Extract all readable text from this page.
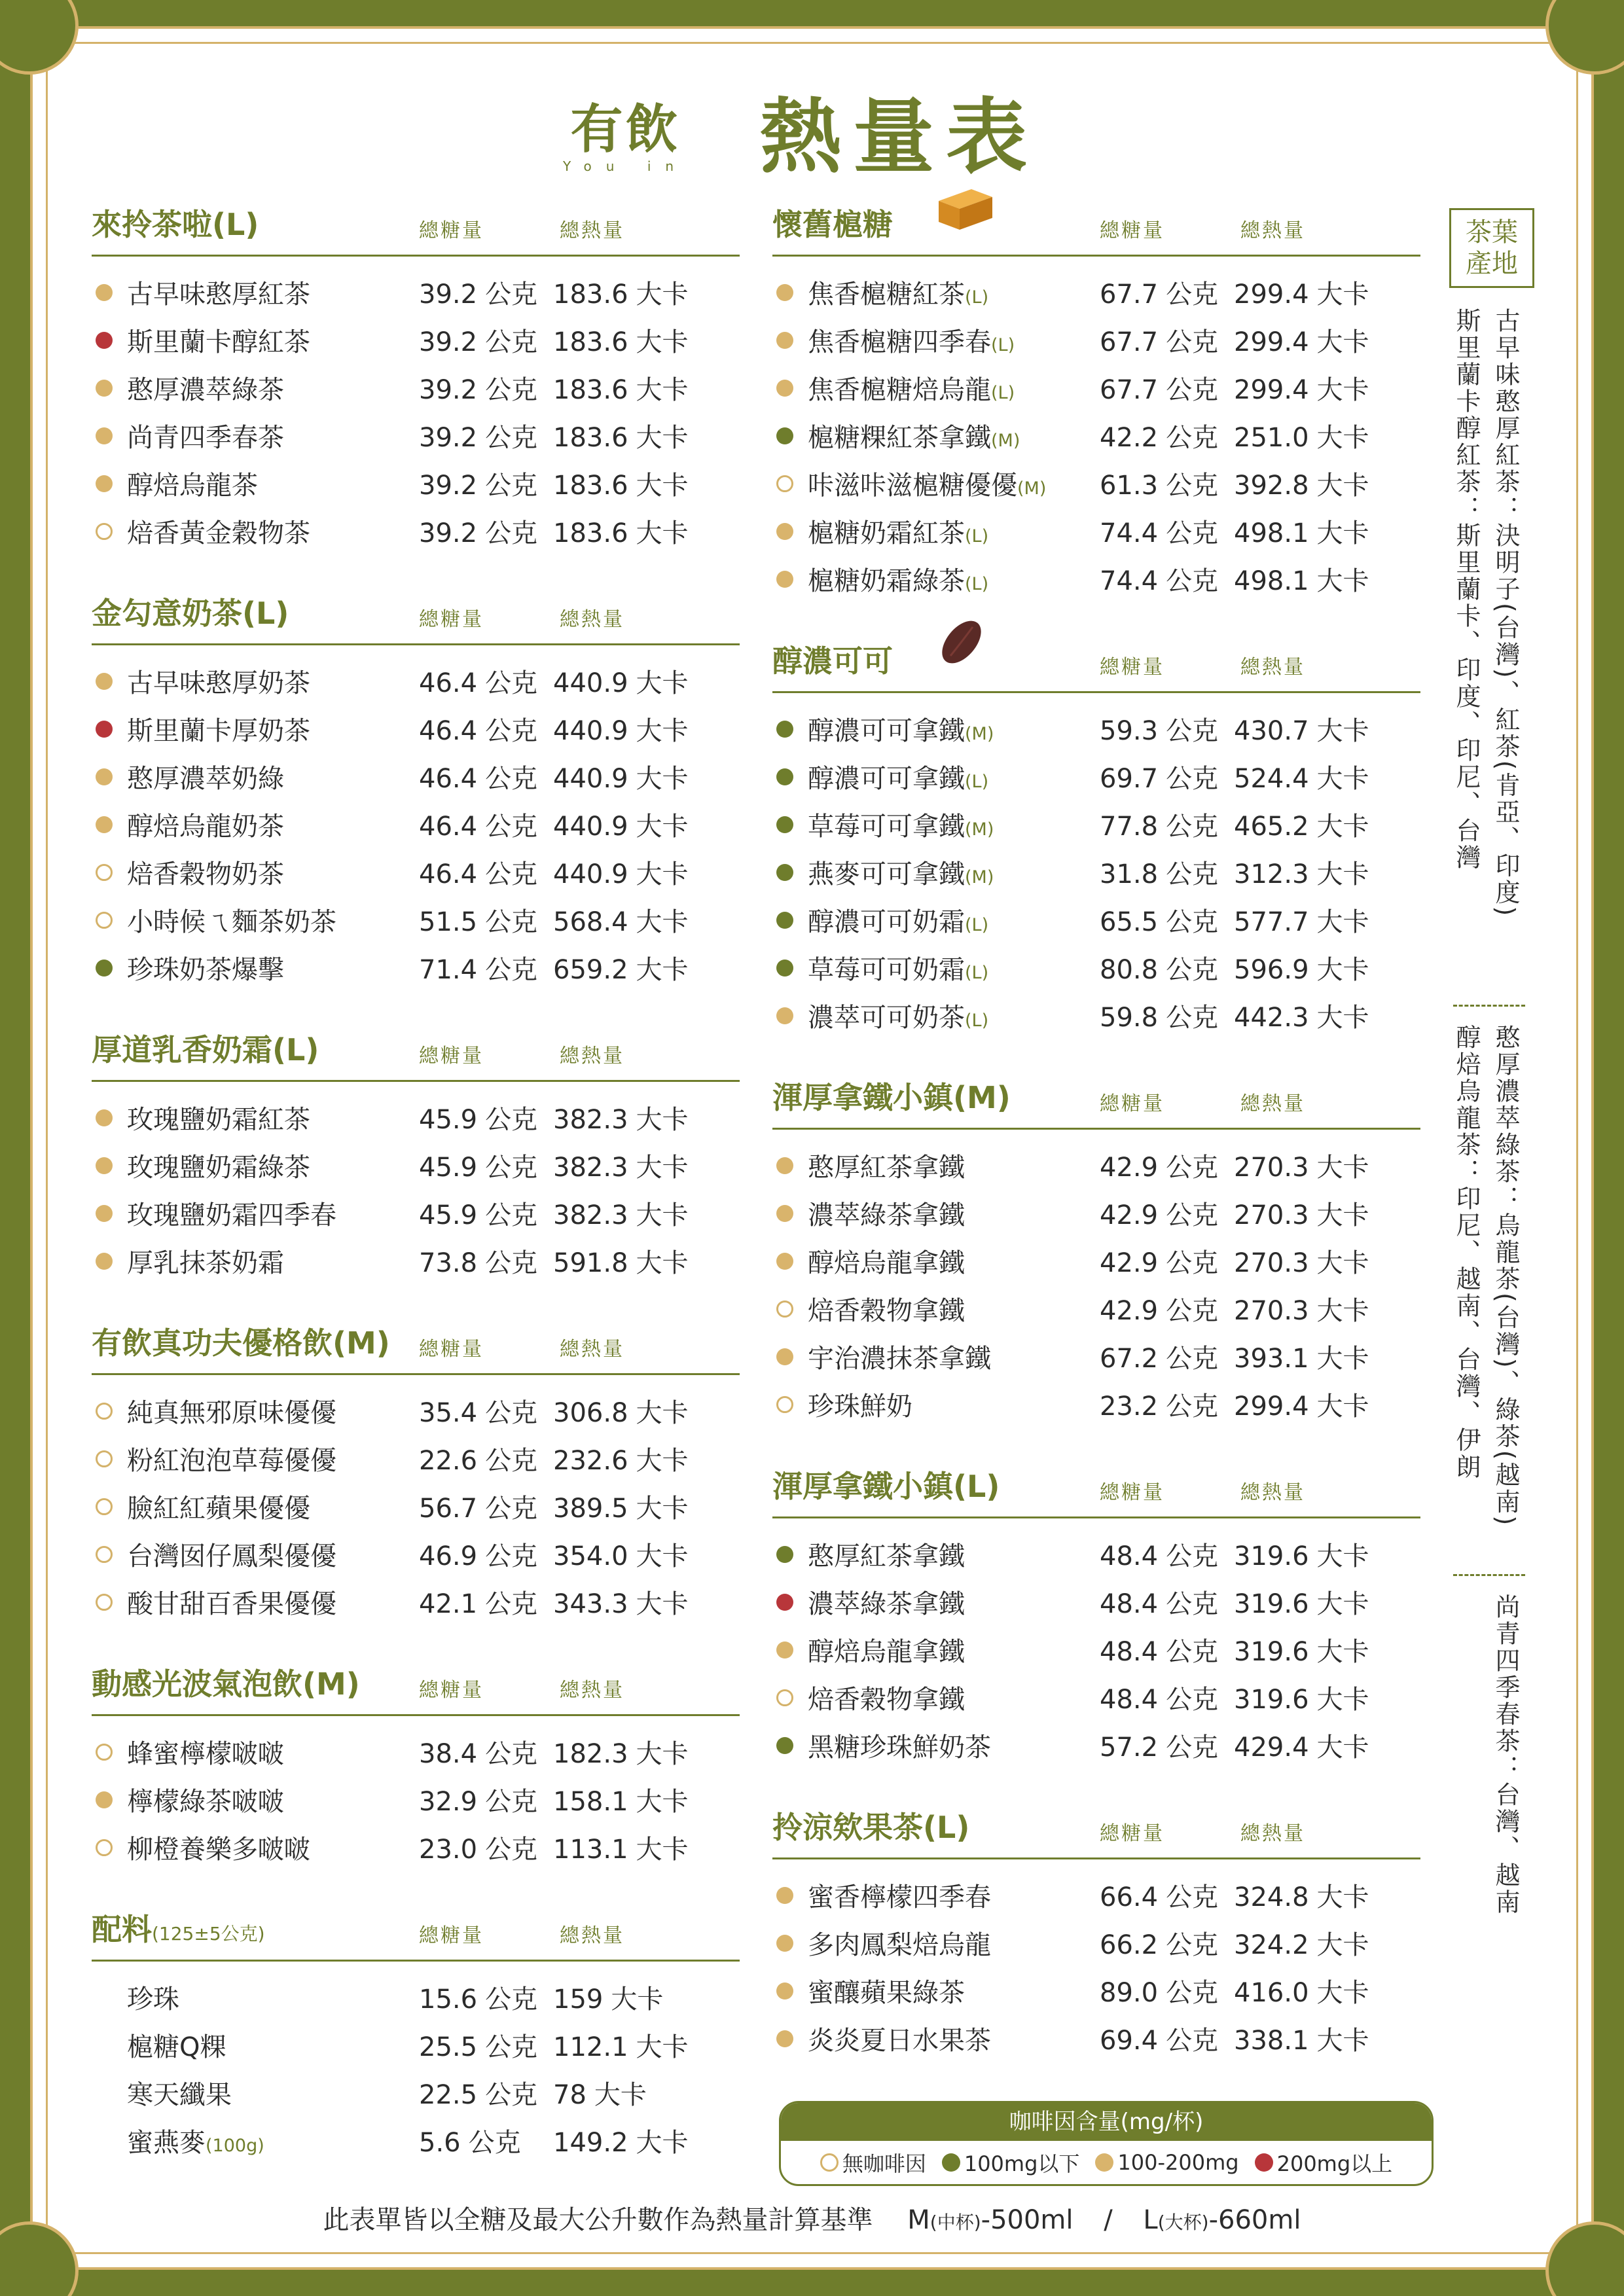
有飲
You in 熱量表
來拎茶啦(L)	總糖量	總熱量
古早味憨厚紅茶	39.2 公克 183.6 大卡
斯里蘭卡醇紅茶	39.2 公克 183.6 大卡
憨厚濃萃綠茶	39.2 公克 183.6 大卡
尚青四季春茶	39.2 公克 183.6 大卡
醇焙烏龍茶	39.2 公克 183.6 大卡
焙香黃金穀物茶	39.2 公克 183.6 大卡
金勾意奶茶(L)	總糖量	總熱量
古早味憨厚奶茶	46.4 公克 440.9 大卡
斯里蘭卡厚奶茶	46.4 公克 440.9 大卡
憨厚濃萃奶綠	46.4 公克 440.9 大卡
醇焙烏龍奶茶	46.4 公克 440.9 大卡
焙香穀物奶茶	46.4 公克 440.9 大卡
小時候ㄟ麵茶奶茶	51.5 公克 568.4 大卡
珍珠奶茶爆擊	71.4 公克 659.2 大卡
厚道乳香奶霜(L)	總糖量	總熱量
玫瑰鹽奶霜紅茶	45.9 公克 382.3 大卡
玫瑰鹽奶霜綠茶	45.9 公克 382.3 大卡
玫瑰鹽奶霜四季春	45.9 公克 382.3 大卡
厚乳抹茶奶霜	73.8 公克 591.8 大卡
有飲真功夫優格飲(M)	總糖量	總熱量
純真無邪原味優優	35.4 公克 306.8 大卡
粉紅泡泡草莓優優	22.6 公克 232.6 大卡
臉紅紅蘋果優優	56.7 公克 389.5 大卡
台灣囡仔鳳梨優優	46.9 公克 354.0 大卡
酸甘甜百香果優優	42.1 公克 343.3 大卡
動感光波氣泡飲(M)	總糖量	總熱量
蜂蜜檸檬啵啵	38.4 公克 182.3 大卡
檸檬綠茶啵啵	32.9 公克 158.1 大卡
柳橙養樂多啵啵	23.0 公克 113.1 大卡
配料(125±5公克)	總糖量	總熱量
珍珠	15.6 公克 159 大卡
槴糖Q粿	25.5 公克 112.1 大卡
寒天纖果	22.5 公克 78 大卡
蜜燕麥(100g)	5.6 公克 149.2 大卡
懷舊槴糖	總糖量	總熱量
焦香槴糖紅茶(L)	67.7 公克 299.4 大卡
焦香槴糖四季春(L)	67.7 公克 299.4 大卡
焦香槴糖焙烏龍(L)	67.7 公克 299.4 大卡
槴糖粿紅茶拿鐵(M)	42.2 公克 251.0 大卡
咔滋咔滋槴糖優優(M) 61.3 公克 392.8 大卡
槴糖奶霜紅茶(L)	74.4 公克 498.1 大卡
槴糖奶霜綠茶(L)	74.4 公克 498.1 大卡
醇濃可可	總糖量	總熱量
醇濃可可拿鐵(M)	59.3 公克 430.7 大卡
醇濃可可拿鐵(L)	69.7 公克 524.4 大卡
草莓可可拿鐵(M)	77.8 公克 465.2 大卡
燕麥可可拿鐵(M)	31.8 公克 312.3 大卡
醇濃可可奶霜(L)	65.5 公克 577.7 大卡
草莓可可奶霜(L)	80.8 公克 596.9 大卡
濃萃可可奶茶(L)	59.8 公克 442.3 大卡
渾厚拿鐵小鎮(M)	總糖量	總熱量
憨厚紅茶拿鐵	42.9 公克 270.3 大卡
濃萃綠茶拿鐵	42.9 公克 270.3 大卡
醇焙烏龍拿鐵	42.9 公克 270.3 大卡
焙香穀物拿鐵	42.9 公克 270.3 大卡
宇治濃抹茶拿鐵	67.2 公克 393.1 大卡
珍珠鮮奶	23.2 公克 299.4 大卡
渾厚拿鐵小鎮(L)	總糖量	總熱量
憨厚紅茶拿鐵	48.4 公克 319.6 大卡
濃萃綠茶拿鐵	48.4 公克 319.6 大卡
醇焙烏龍拿鐵	48.4 公克 319.6 大卡
焙香穀物拿鐵	48.4 公克 319.6 大卡
黑糖珍珠鮮奶茶	57.2 公克 429.4 大卡
拎涼欸果茶(L)	總糖量	總熱量
蜜香檸檬四季春	66.4 公克 324.8 大卡
多肉鳳梨焙烏龍	66.2 公克 324.2 大卡
蜜釀蘋果綠茶	89.0 公克 416.0 大卡
炎炎夏日水果茶	69.4 公克 338.1 大卡
茶葉產地
古早味憨厚紅茶：決明子(台灣)、紅茶(肯亞、印度)
斯里蘭卡醇紅茶：斯里蘭卡、印度、印尼、台灣
憨厚濃萃綠茶：烏龍茶(台灣)、綠茶(越南)
醇焙烏龍茶：印尼、越南、台灣、伊朗
尚青四季春茶：台灣、越南
咖啡因含量(mg/杯)
無咖啡因 100mg以下 100-200mg 200mg以上
此表單皆以全糖及最大公升數作為熱量計算基準 M(中杯)-500ml / L(大杯)-660ml
